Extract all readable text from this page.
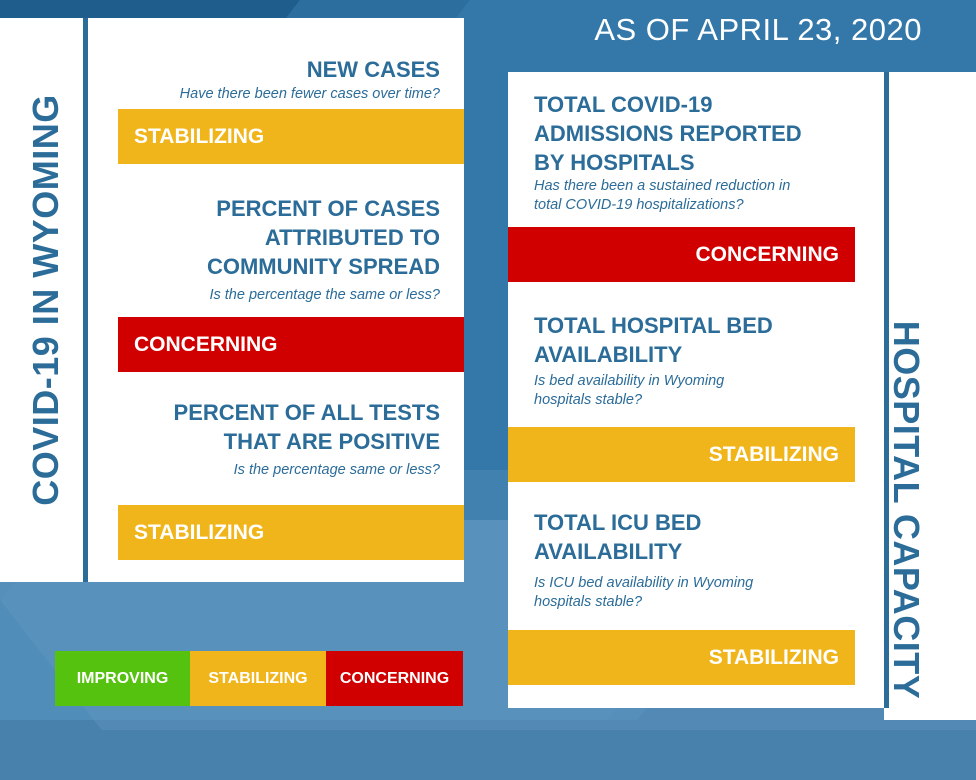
AS OF APRIL 23, 2020
COVID-19 IN WYOMING
NEW CASES
Have there been fewer cases over time?
STABILIZING
PERCENT OF CASES
ATTRIBUTED TO
COMMUNITY SPREAD
Is the percentage the same or less?
CONCERNING
PERCENT OF ALL TESTS
THAT ARE POSITIVE
Is the percentage same or less?
STABILIZING
TOTAL COVID-19
ADMISSIONS REPORTED
BY HOSPITALS
Has there been a sustained reduction in
total COVID-19 hospitalizations?
CONCERNING
TOTAL HOSPITAL BED
AVAILABILITY
Is bed availability in Wyoming
hospitals stable?
STABILIZING
TOTAL ICU BED
AVAILABILITY
Is ICU bed availability in Wyoming
hospitals stable?
STABILIZING	HOSPITAL CAPACITY
IMPROVING	STABILIZING	CONCERNING
